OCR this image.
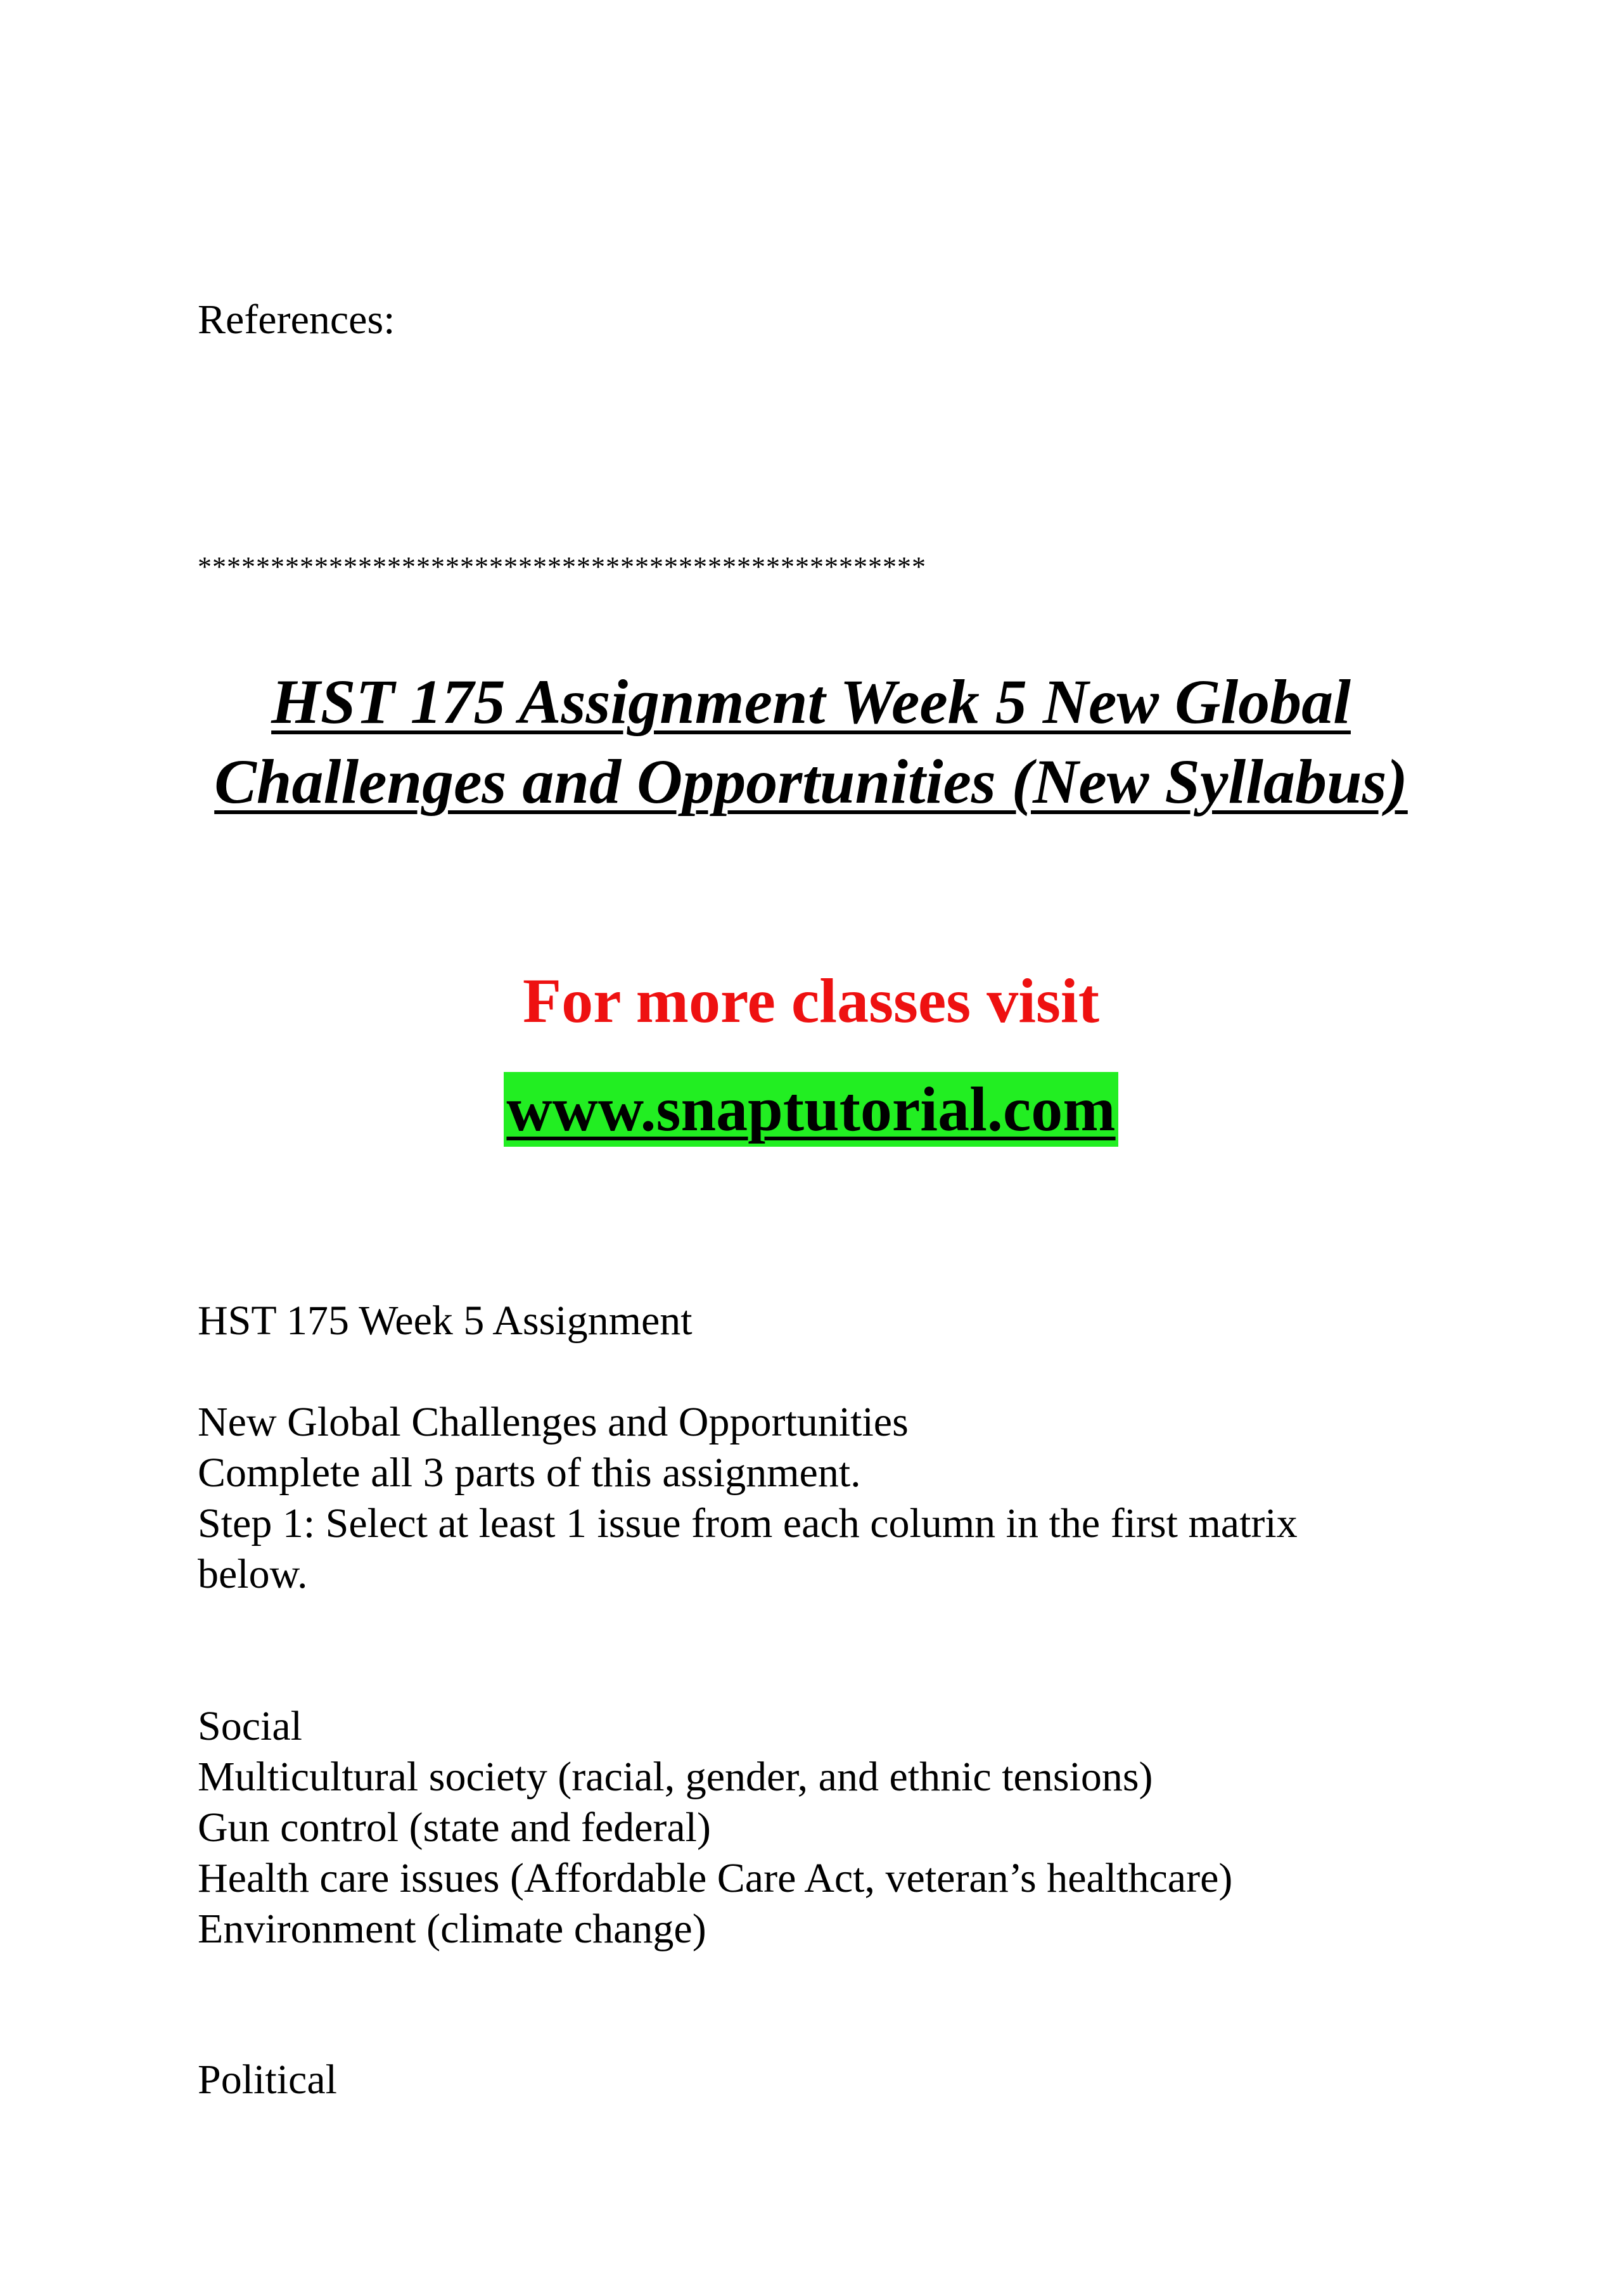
References:
**************************************************
HST 175 Assignment Week 5 New Global
Challenges and Opportunities (New Syllabus)
For more classes visit
www.snaptutorial.com
HST 175 Week 5 Assignment
New Global Challenges and Opportunities
Complete all 3 parts of this assignment.
Step 1: Select at least 1 issue from each column in the first matrix
below.
Social
Multicultural society (racial, gender, and ethnic tensions)
Gun control (state and federal)
Health care issues (Affordable Care Act, veteran’s healthcare)
Environment (climate change)
Political
